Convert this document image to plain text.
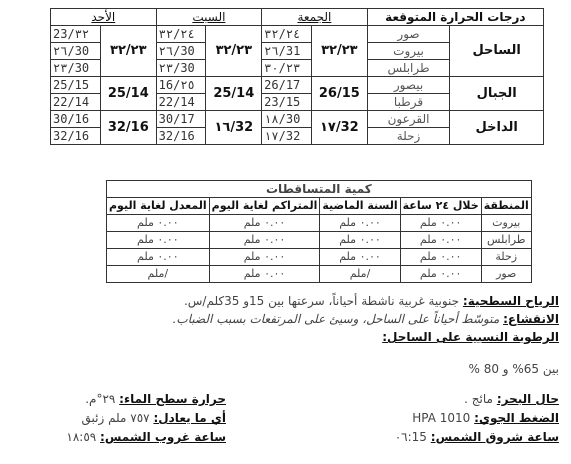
درجات الحرارة المتوقعة		الجمعة		السبت		الأحد	
الساحل	صور	٣٢/٢٣	٣٢/٢٤	٣٢/٢٣	٣٢/٢٤	٣٢/٢٣	٣٢/23
	بيروت		31/٢٦		30/٢٦		30/٢٦
	طرابلس		٣٠/٢٣		30/٢٣		30/٢٣
الجبال	بيصور	26/15	26/17	25/14	٢٥/16	25/14	25/15
	قرطبا		23/15		22/14		22/14
الداخل	القرعون	32/١٧	30/١٨	32/١٦	30/17	32/16	30/16
	زحلة		32/١٧		32/16		32/16
كمية المتساقطات				
المنطقة	خلال ٢٤ ساعة	السنة الماضية	المتراكم لغاية اليوم	المعدل لغاية اليوم
بيروت	٠.٠٠ ملم	٠.٠٠ ملم	٠.٠٠ ملم	٠.٠٠ ملم
طرابلس	٠.٠٠ ملم	٠.٠٠ ملم	٠.٠٠ ملم	٠.٠٠ ملم
زحلة	٠.٠٠ ملم	٠.٠٠ ملم	٠.٠٠ ملم	٠.٠٠ ملم
صور	٠.٠٠ ملم	/ملم	٠.٠٠ ملم	/ملم
الرياح السطحية: جنوبية غربية ناشطة أحياناً، سرعتها بين 15و 35كلم/س.
الانقشاع: متوسّط أحياناً على الساحل، وسيئ على المرتفعات بسبب الضباب.
الرطوبة النسبية على الساحل:
بين 65% و 80 %
حال البحر: مائج .
حرارة سطح الماء: ٢٩°م.
الضغط الجوي: HPA 1010
أي ما يعادل: ٧٥٧ ملم زئبق
ساعة شروق الشمس: ٠٦:15
ساعة غروب الشمس: ١٨:٥٩
